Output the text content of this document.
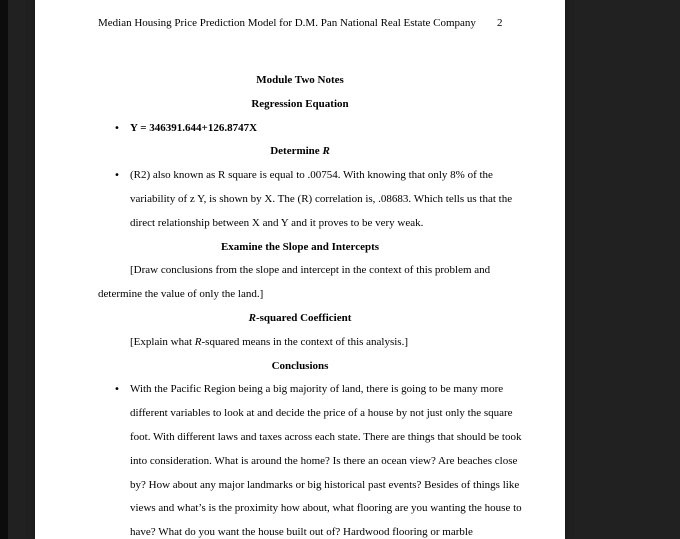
Median Housing Price Prediction Model for D.M. Pan National Real Estate Company 2
Module Two Notes
Regression Equation
• Y = 346391.644+126.8747X
Determine R
• (R2) also known as R square is equal to .00754. With knowing that only 8% of the
variability of z Y, is shown by X. The (R) correlation is, .08683. Which tells us that the
direct relationship between X and Y and it proves to be very weak.
Examine the Slope and Intercepts
[Draw conclusions from the slope and intercept in the context of this problem and
determine the value of only the land.]
R-squared Coefficient
[Explain what R-squared means in the context of this analysis.]
Conclusions
• With the Pacific Region being a big majority of land, there is going to be many more
different variables to look at and decide the price of a house by not just only the square
foot. With different laws and taxes across each state. There are things that should be took
into consideration. What is around the home? Is there an ocean view? Are beaches close
by? How about any major landmarks or big historical past events? Besides of things like
views and what’s is the proximity how about, what flooring are you wanting the house to
have? What do you want the house built out of? Hardwood flooring or marble
